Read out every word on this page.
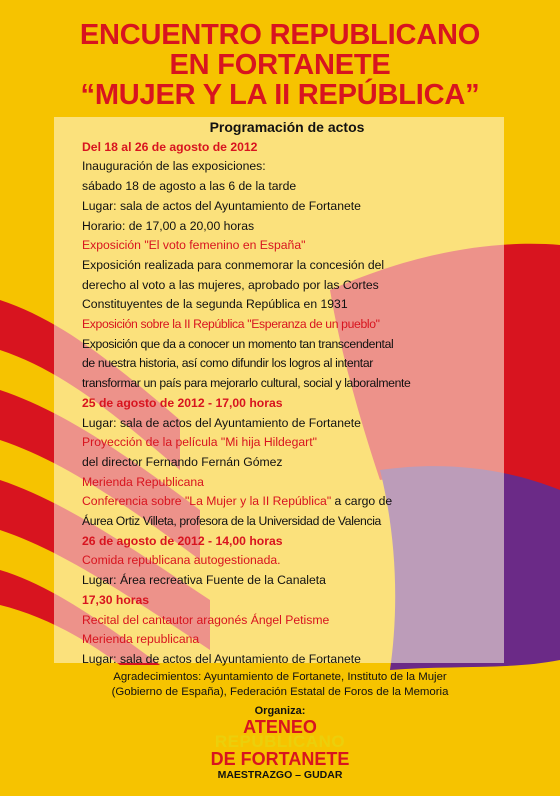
ENCUENTRO REPUBLICANO
EN FORTANETE
“MUJER Y LA II REPÚBLICA”
Programación de actos
Del 18 al 26 de agosto de 2012
Inauguración de las exposiciones:
sábado 18 de agosto a las 6 de la tarde
Lugar: sala de actos del Ayuntamiento de Fortanete
Horario: de 17,00 a 20,00 horas
Exposición "El voto femenino en España"
Exposición realizada para conmemorar la concesión del
derecho al voto a las mujeres, aprobado por las Cortes
Constituyentes de la segunda República en 1931
Exposición sobre la II República "Esperanza de un pueblo"
Exposición que da a conocer un momento tan transcendental
de nuestra historia, así como difundir los logros al intentar
transformar un país para mejorarlo cultural, social y laboralmente
25 de agosto de 2012 - 17,00 horas
Lugar: sala de actos del Ayuntamiento de Fortanete
Proyección de la película "Mi hija Hildegart"
del director Fernando Fernán Gómez
Merienda Republicana
Conferencia sobre "La Mujer y la II República" a cargo de
Áurea Ortiz Villeta, profesora de la Universidad de Valencia
26 de agosto de 2012 - 14,00 horas
Comida republicana autogestionada.
Lugar: Área recreativa Fuente de la Canaleta
17,30 horas
Recital del cantautor aragonés Ángel Petisme
Merienda republicana
Lugar: sala de actos del Ayuntamiento de Fortanete
Agradecimientos: Ayuntamiento de Fortanete, Instituto de la Mujer
(Gobierno de España), Federación Estatal de Foros de la Memoria
Organiza:
REPUBLICANO
ATENEO
DE FORTANETE
MAESTRAZGO – GUDAR
